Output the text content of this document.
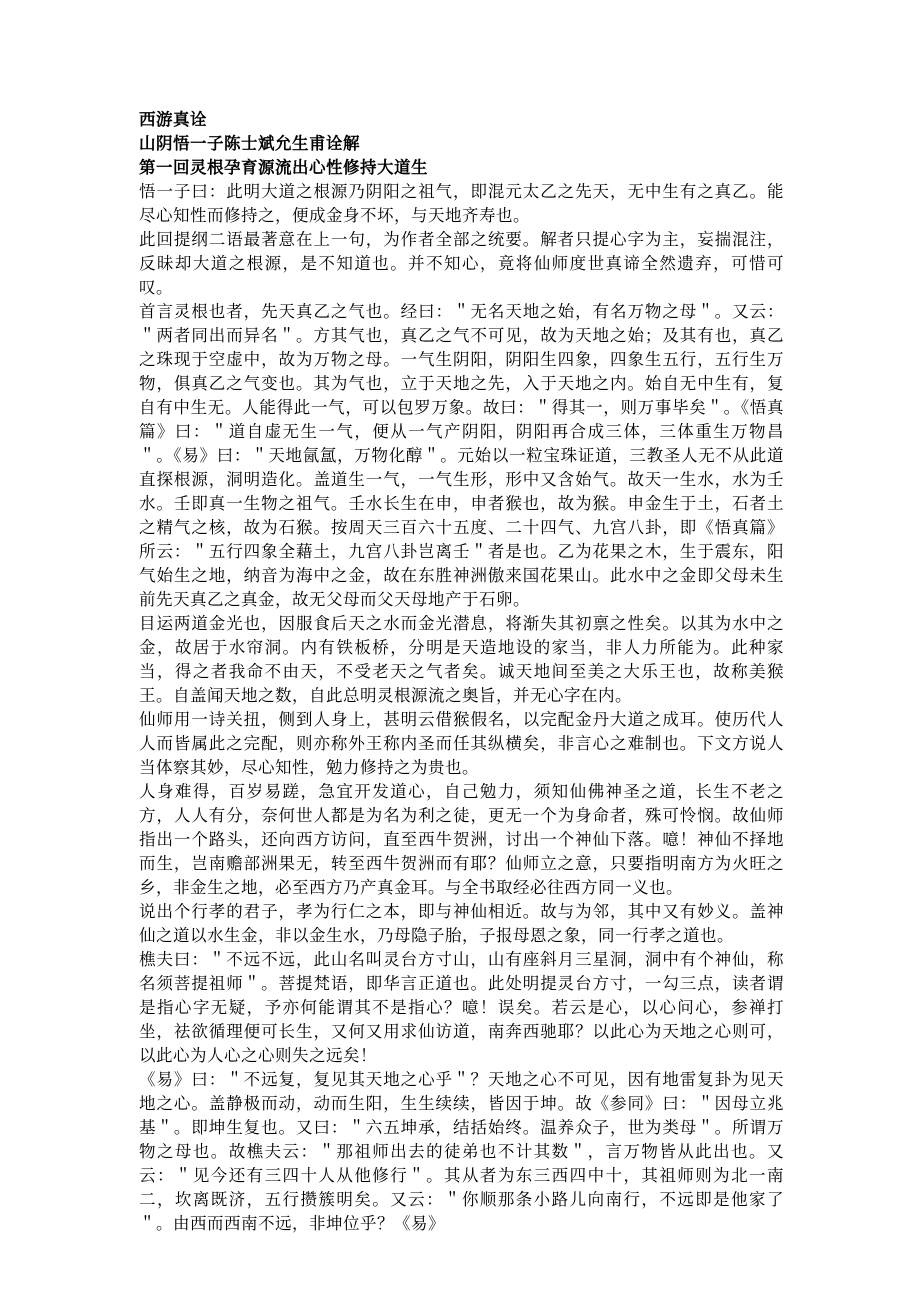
西游真诠

山阴悟一子陈士斌允生甫诠解

第一回灵根孕育源流出心性修持大道生

悟一子曰：此明大道之根源乃阴阳之祖气，即混元太乙之先天，无中生有之真乙。能尽心知性而修持之，便成金身不坏，与天地齐寿也。

此回提纲二语最著意在上一句，为作者全部之统要。解者只提心字为主，妄揣混注，反昧却大道之根源，是不知道也。并不知心，竟将仙师度世真谛全然遗弃，可惜可叹。

首言灵根也者，先天真乙之气也。经曰：＂无名天地之始，有名万物之母＂。又云：＂两者同出而异名＂。方其气也，真乙之气不可见，故为天地之始；及其有也，真乙之珠现于空虚中，故为万物之母。一气生阴阳，阴阳生四象，四象生五行，五行生万物，俱真乙之气变也。其为气也，立于天地之先，入于天地之内。始自无中生有，复自有中生无。人能得此一气，可以包罗万象。故曰：＂得其一，则万事毕矣＂。《悟真篇》曰：＂道自虚无生一气，便从一气产阴阳，阴阳再合成三体，三体重生万物昌＂。《易》曰：＂天地氤氲，万物化醇＂。元始以一粒宝珠证道，三教圣人无不从此道直探根源，洞明造化。盖道生一气，一气生形，形中又含始气。故天一生水，水为壬水。壬即真一生物之祖气。壬水长生在申，申者猴也，故为猴。申金生于土，石者土之精气之核，故为石猴。按周天三百六十五度、二十四气、九宫八卦，即《悟真篇》所云：＂五行四象全藉土，九宫八卦岂离壬＂者是也。乙为花果之木，生于震东，阳气始生之地，纳音为海中之金，故在东胜神洲傲来国花果山。此水中之金即父母未生前先天真乙之真金，故无父母而父天母地产于石卵。

目运两道金光也，因服食后天之水而金光潜息，将渐失其初禀之性矣。以其为水中之金，故居于水帘洞。内有铁板桥，分明是天造地设的家当，非人力所能为。此种家当，得之者我命不由天，不受老天之气者矣。诚天地间至美之大乐王也，故称美猴王。自盖闻天地之数，自此总明灵根源流之奥旨，并无心字在内。

仙师用一诗关扭，侧到人身上，甚明云借猴假名，以完配金丹大道之成耳。使历代人人而皆属此之完配，则亦称外王称内圣而任其纵横矣，非言心之难制也。下文方说人当体察其妙，尽心知性，勉力修持之为贵也。

人身难得，百岁易蹉，急宜开发道心，自己勉力，须知仙佛神圣之道，长生不老之方，人人有分，奈何世人都是为名为利之徒，更无一个为身命者，殊可怜悯。故仙师指出一个路头，还向西方访问，直至西牛贺洲，讨出一个神仙下落。噫！神仙不择地而生，岂南赡部洲果无，转至西牛贺洲而有耶？仙师立之意，只要指明南方为火旺之乡，非金生之地，必至西方乃产真金耳。与全书取经必往西方同一义也。

说出个行孝的君子，孝为行仁之本，即与神仙相近。故与为邻，其中又有妙义。盖神仙之道以水生金，非以金生水，乃母隐子胎，子报母恩之象，同一行孝之道也。

樵夫曰：＂不远不远，此山名叫灵台方寸山，山有座斜月三星洞，洞中有个神仙，称名须菩提祖师＂。菩提梵语，即华言正道也。此处明提灵台方寸，一勾三点，读者谓是指心字无疑，予亦何能谓其不是指心？噫！误矣。若云是心，以心问心，参禅打坐，祛欲循理便可长生，又何又用求仙访道，南奔西驰耶？以此心为天地之心则可，以此心为人心之心则失之远矣！

《易》曰：＂不远复，复见其天地之心乎＂？天地之心不可见，因有地雷复卦为见天地之心。盖静极而动，动而生阳，生生续续，皆因于坤。故《参同》曰：＂因母立兆基＂。即坤生复也。又曰：＂六五坤承，结括始终。温养众子，世为类母＂。所谓万物之母也。故樵夫云：＂那祖师出去的徒弟也不计其数＂，言万物皆从此出也。又云：＂见今还有三四十人从他修行＂。其从者为东三西四中十，其祖师则为北一南二，坎离既济，五行攒簇明矣。又云：＂你顺那条小路儿向南行，不远即是他家了＂。由西而西南不远，非坤位乎？《易》
